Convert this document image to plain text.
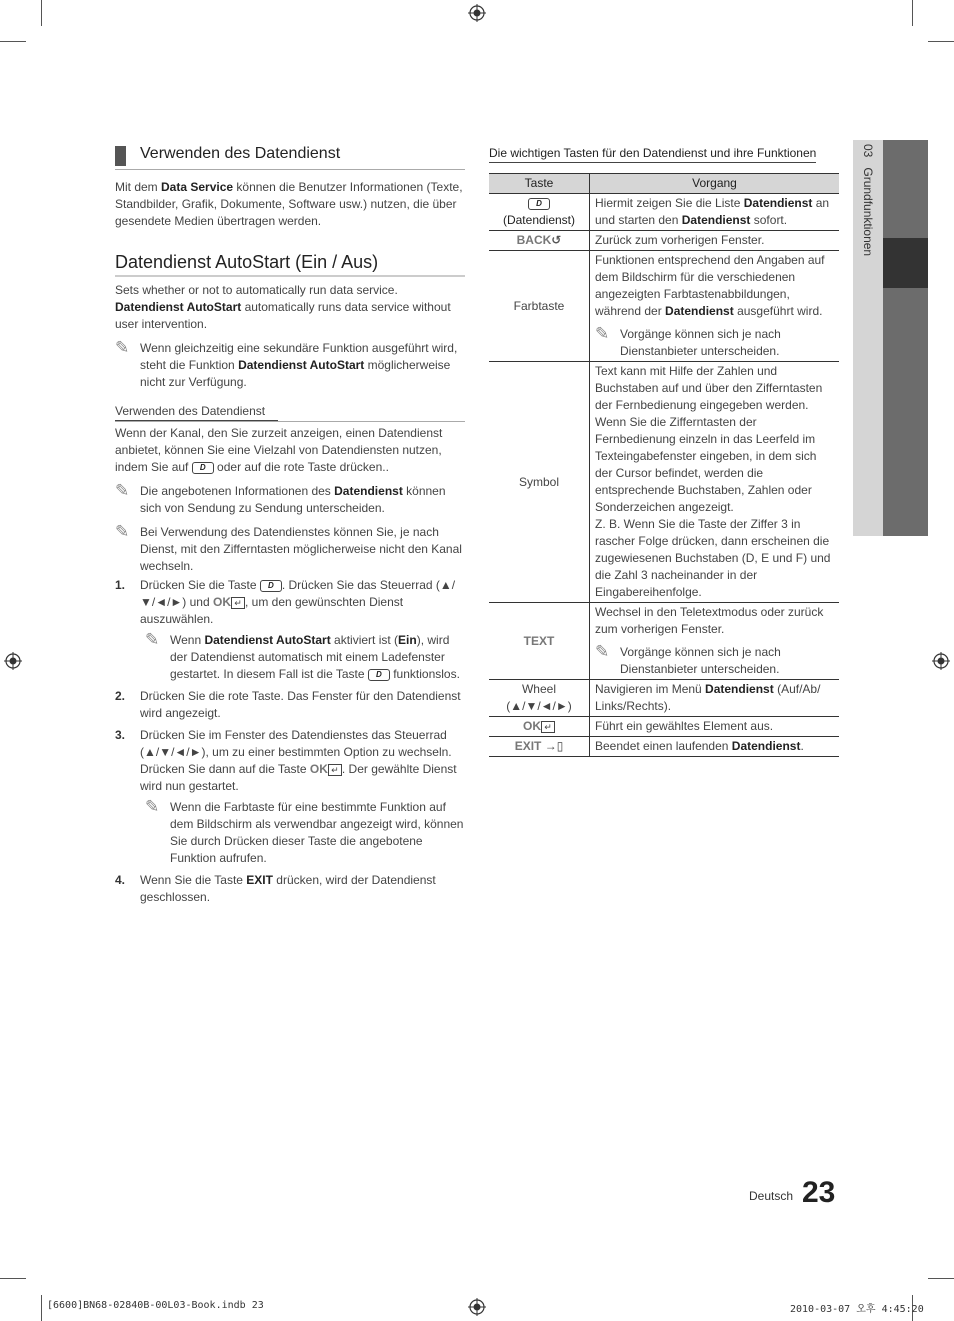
Verwenden des Datendienst

Mit dem Data Service können die Benutzer Informationen (Texte, Standbilder, Grafik, Dokumente, Software usw.) nutzen, die über gesendete Medien übertragen werden.

Datendienst AutoStart (Ein / Aus)

Sets whether or not to automatically run data service.

Datendienst AutoStart automatically runs data service without user intervention.

✎ Wenn gleichzeitig eine sekundäre Funktion ausgeführt wird, steht die Funktion Datendienst AutoStart möglicherweise nicht zur Verfügung.

Verwenden des Datendienst

Wenn der Kanal, den Sie zurzeit anzeigen, einen Datendienst anbietet, können Sie eine Vielzahl von Datendiensten nutzen, indem Sie auf D oder auf die rote Taste drücken..

✎ Die angebotenen Informationen des Datendienst können sich von Sendung zu Sendung unterscheiden.

✎ Bei Verwendung des Datendienstes können Sie, je nach Dienst, mit den Zifferntasten möglicherweise nicht den Kanal wechseln.

1. Drücken Sie die Taste D . Drücken Sie das Steuerrad (▲/▼/◄/►) und OK ↵ , um den gewünschten Dienst auszuwählen.

✎ Wenn Datendienst AutoStart aktiviert ist (Ein), wird der Datendienst automatisch mit einem Ladefenster gestartet. In diesem Fall ist die Taste D funktionslos.

2. Drücken Sie die rote Taste. Das Fenster für den Datendienst wird angezeigt.

3. Drücken Sie im Fenster des Datendienstes das Steuerrad (▲/▼/◄/►), um zu einer bestimmten Option zu wechseln. Drücken Sie dann auf die Taste OK ↵ . Der gewählte Dienst wird nun gestartet.

✎ Wenn die Farbtaste für eine bestimmte Funktion auf dem Bildschirm als verwendbar angezeigt wird, können Sie durch Drücken dieser Taste die angebotene Funktion aufrufen.

4. Wenn Sie die Taste EXIT drücken, wird der Datendienst geschlossen.

Die wichtigen Tasten für den Datendienst und ihre Funktionen
Taste	Vorgang
D
(Datendienst)	Hiermit zeigen Sie die Liste Datendienst an und starten den Datendienst sofort.
BACK↺	Zurück zum vorherigen Fenster.
Farbtaste	Funktionen entsprechend den Angaben auf dem Bildschirm für die verschiedenen angezeigten Farbtastenabbildungen, während der Datendienst ausgeführt wird.
✎ Vorgänge können sich je nach Dienstanbieter unterscheiden.

Symbol	Text kann mit Hilfe der Zahlen und Buchstaben auf und über den Zifferntasten der Fernbedienung eingegeben werden. Wenn Sie die Zifferntasten der Fernbedienung einzeln in das Leerfeld im Texteingabefenster eingeben, in dem sich der Cursor befindet, werden die entsprechende Buchstaben, Zahlen oder Sonderzeichen angezeigt.
Z. B. Wenn Sie die Taste der Ziffer 3 in rascher Folge drücken, dann erscheinen die zugewiesenen Buchstaben (D, E und F) und die Zahl 3 nacheinander in der Eingabereihenfolge.

TEXT	Wechsel in den Teletextmodus oder zurück zum vorherigen Fenster.
✎ Vorgänge können sich je nach Dienstanbieter unterscheiden.

Wheel
(▲/▼/◄/►)	Navigieren im Menü Datendienst (Auf/Ab/ Links/Rechts).
OK ↵	Führt ein gewähltes Element aus.
EXIT →▯	Beendet einen laufenden Datendienst.
03   Grundfunktionen
Deutsch 23
[6600]BN68-02840B-00L03-Book.indb 23	2010-03-07 오후 4:45:20
